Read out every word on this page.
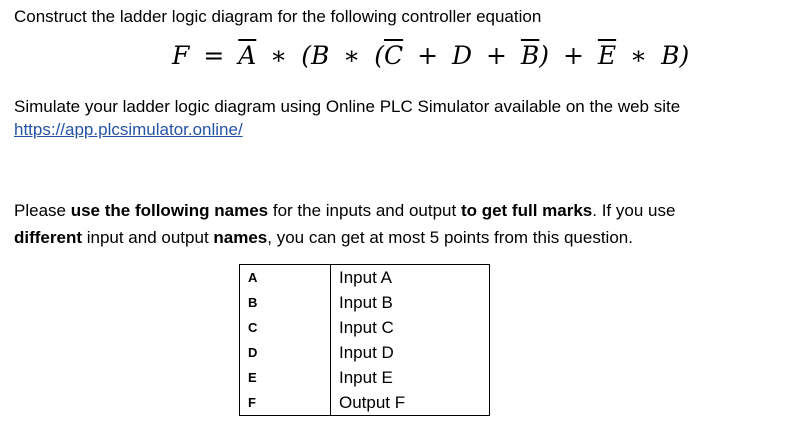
Construct the ladder logic diagram for the following controller equation
$F = \overline{A}$ ∗ (B ∗ $(\overline{C} + D + \overline{B}) + \overline{E}$ ∗ B)
Simulate your ladder logic diagram using Online PLC Simulator available on the web site
https://app.plcsimulator.online/
Please use the following names for the inputs and output to get full marks. If you use
different input and output names, you can get at most 5 points from this question.
A	Input A
B	Input B
C	Input C
D	Input D
E	Input E
F	Output F
